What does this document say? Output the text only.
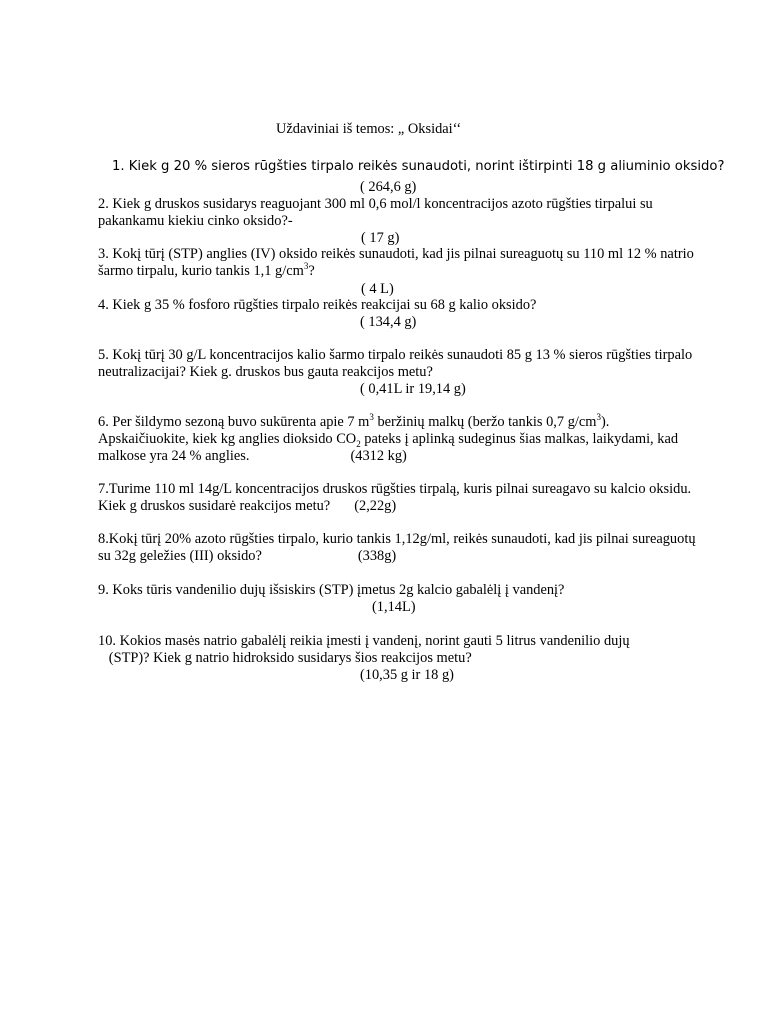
Uždaviniai iš temos: „ Oksidai‘‘
1. Kiek g 20 % sieros rūgšties tirpalo reikės sunaudoti, norint ištirpinti 18 g aliuminio oksido?
( 264,6 g)
2. Kiek g druskos susidarys reaguojant 300 ml 0,6 mol/l koncentracijos azoto rūgšties tirpalui su
pakankamu kiekiu cinko oksido?-
( 17 g)
3. Kokį tūrį (STP) anglies (IV) oksido reikės sunaudoti, kad jis pilnai sureaguotų su 110 ml 12 % natrio
šarmo tirpalu, kurio tankis 1,1 $g/cm^3$?
( 4 L)
4. Kiek g 35 % fosforo rūgšties tirpalo reikės reakcijai su 68 g kalio oksido?
( 134,4 g)
5. Kokį tūrį 30 g/L koncentracijos kalio šarmo tirpalo reikės sunaudoti 85 g 13 % sieros rūgšties tirpalo
neutralizacijai? Kiek g. druskos bus gauta reakcijos metu?
( 0,41L ir 19,14 g)
6. Per šildymo sezoną buvo sukūrenta apie 7 $m^3$ beržinių malkų (beržo tankis 0,7 $g/cm^3$).
Apskaičiuokite, kiek kg anglies dioksido $CO_2$ pateks į aplinką sudeginus šias malkas, laikydami, kad
malkose yra 24 % anglies.	(4312 kg)
7.Turime 110 ml 14g/L koncentracijos druskos rūgšties tirpalą, kuris pilnai sureagavo su kalcio oksidu.
Kiek g druskos susidarė reakcijos metu? (2,22g)
8.Kokį tūrį 20% azoto rūgšties tirpalo, kurio tankis 1,12g/ml, reikės sunaudoti, kad jis pilnai sureaguotų
su 32g geležies (III) oksido?	(338g)
9. Koks tūris vandenilio dujų išsiskirs (STP) įmetus 2g kalcio gabalėlį į vandenį?
(1,14L)
10. Kokios masės natrio gabalėlį reikia įmesti į vandenį, norint gauti 5 litrus vandenilio dujų
(STP)? Kiek g natrio hidroksido susidarys šios reakcijos metu?
(10,35 g ir 18 g)
